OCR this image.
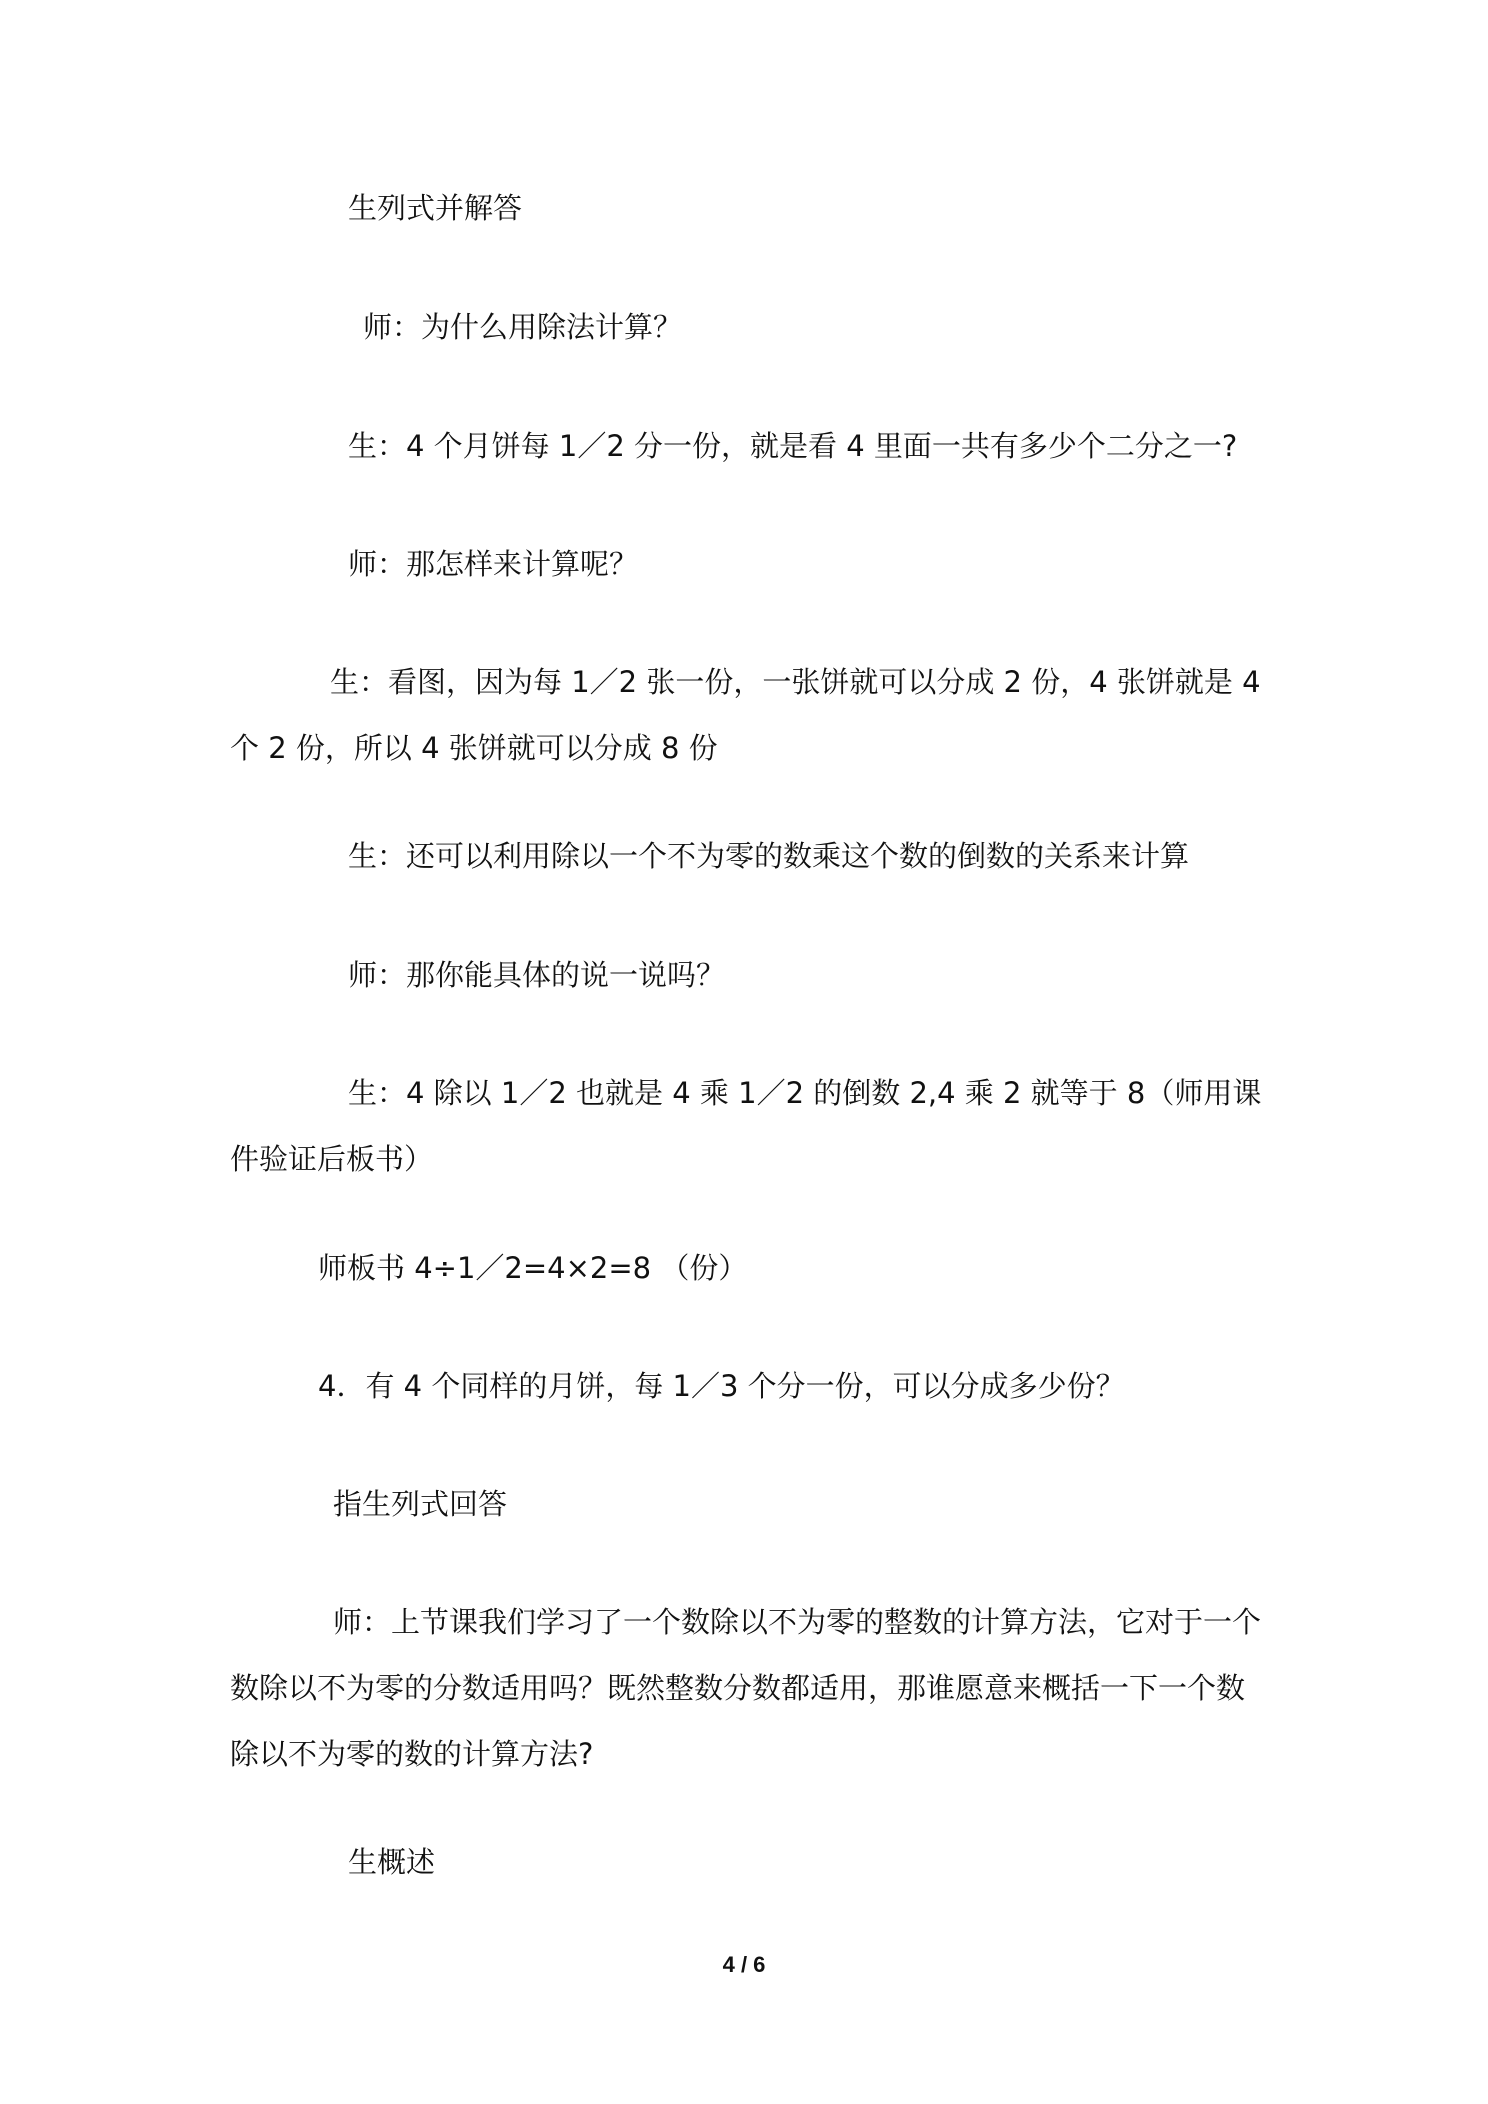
生列式并解答
师：为什么用除法计算？
生：4 个月饼每 1／2 分一份，就是看 4 里面一共有多少个二分之一?
师：那怎样来计算呢？
生：看图，因为每 1／2 张一份，一张饼就可以分成 2 份，4 张饼就是 4 个 2 份，所以 4 张饼就可以分成 8 份
生：还可以利用除以一个不为零的数乘这个数的倒数的关系来计算
师：那你能具体的说一说吗？
生：4 除以 1／2 也就是 4 乘 1／2 的倒数 2,4 乘 2 就等于 8（师用课件验证后板书）
师板书 4÷1／2=4×2=8 （份）
4．有 4 个同样的月饼，每 1／3 个分一份，可以分成多少份？
指生列式回答
师：上节课我们学习了一个数除以不为零的整数的计算方法，它对于一个数除以不为零的分数适用吗？既然整数分数都适用，那谁愿意来概括一下一个数除以不为零的数的计算方法?
生概述
4 / 6
